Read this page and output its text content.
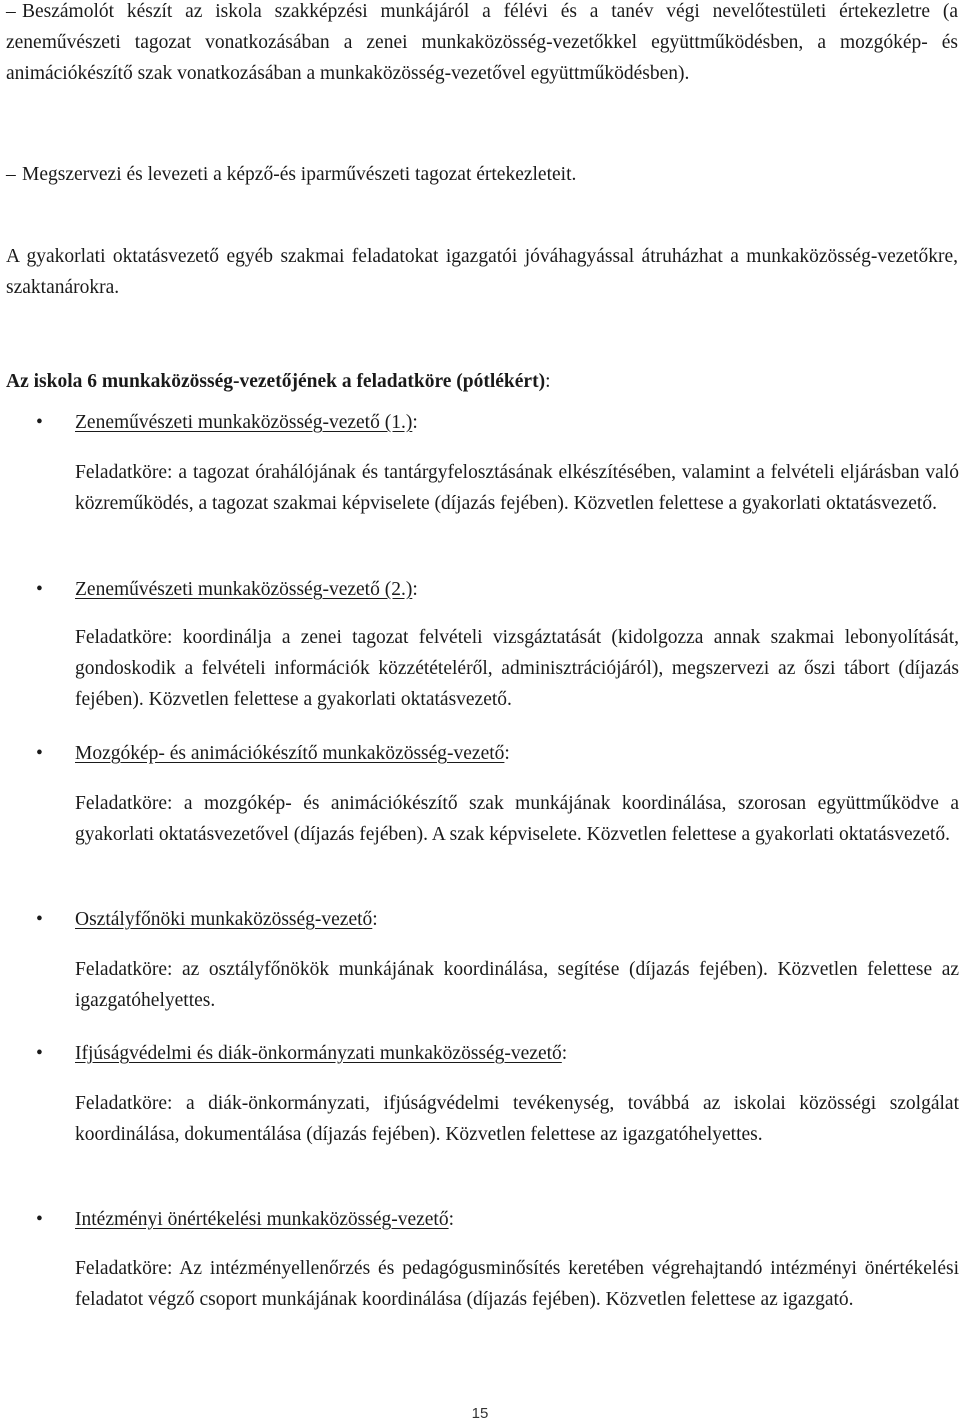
– Beszámolót készít az iskola szakképzési munkájáról a félévi és a tanév végi nevelőtestületi értekezletre (a zeneművészeti tagozat vonatkozásában a zenei munkaközösség-vezetőkkel együttműködésben, a mozgókép- és animációkészítő szak vonatkozásában a munkaközösség-vezetővel együttműködésben).
– Megszervezi és levezeti a képző-és iparművészeti tagozat értekezleteit.
A gyakorlati oktatásvezető egyéb szakmai feladatokat igazgatói jóváhagyással átruházhat a munkaközösség-vezetőkre, szaktanárokra.
Az iskola 6 munkaközösség-vezetőjének a feladatköre (pótlékért):
• Zeneművészeti munkaközösség-vezető (1.):
Feladatköre: a tagozat órahálójának és tantárgyfelosztásának elkészítésében, valamint a felvételi eljárásban való közreműködés, a tagozat szakmai képviselete (díjazás fejében). Közvetlen felettese a gyakorlati oktatásvezető.
• Zeneművészeti munkaközösség-vezető (2.):
Feladatköre: koordinálja a zenei tagozat felvételi vizsgáztatását (kidolgozza annak szakmai lebonyolítását, gondoskodik a felvételi információk közzétételéről, adminisztrációjáról), megszervezi az őszi tábort (díjazás fejében). Közvetlen felettese a gyakorlati oktatásvezető.
• Mozgókép- és animációkészítő munkaközösség-vezető:
Feladatköre: a mozgókép- és animációkészítő szak munkájának koordinálása, szorosan együttműködve a gyakorlati oktatásvezetővel (díjazás fejében). A szak képviselete. Közvetlen felettese a gyakorlati oktatásvezető.
• Osztályfőnöki munkaközösség-vezető:
Feladatköre: az osztályfőnökök munkájának koordinálása, segítése (díjazás fejében). Közvetlen felettese az igazgatóhelyettes.
• Ifjúságvédelmi és diák-önkormányzati munkaközösség-vezető:
Feladatköre: a diák-önkormányzati, ifjúságvédelmi tevékenység, továbbá az iskolai közösségi szolgálat koordinálása, dokumentálása (díjazás fejében). Közvetlen felettese az igazgatóhelyettes.
• Intézményi önértékelési munkaközösség-vezető:
Feladatköre: Az intézményellenőrzés és pedagógusminősítés keretében végrehajtandó intézményi önértékelési feladatot végző csoport munkájának koordinálása (díjazás fejében). Közvetlen felettese az igazgató.
15
